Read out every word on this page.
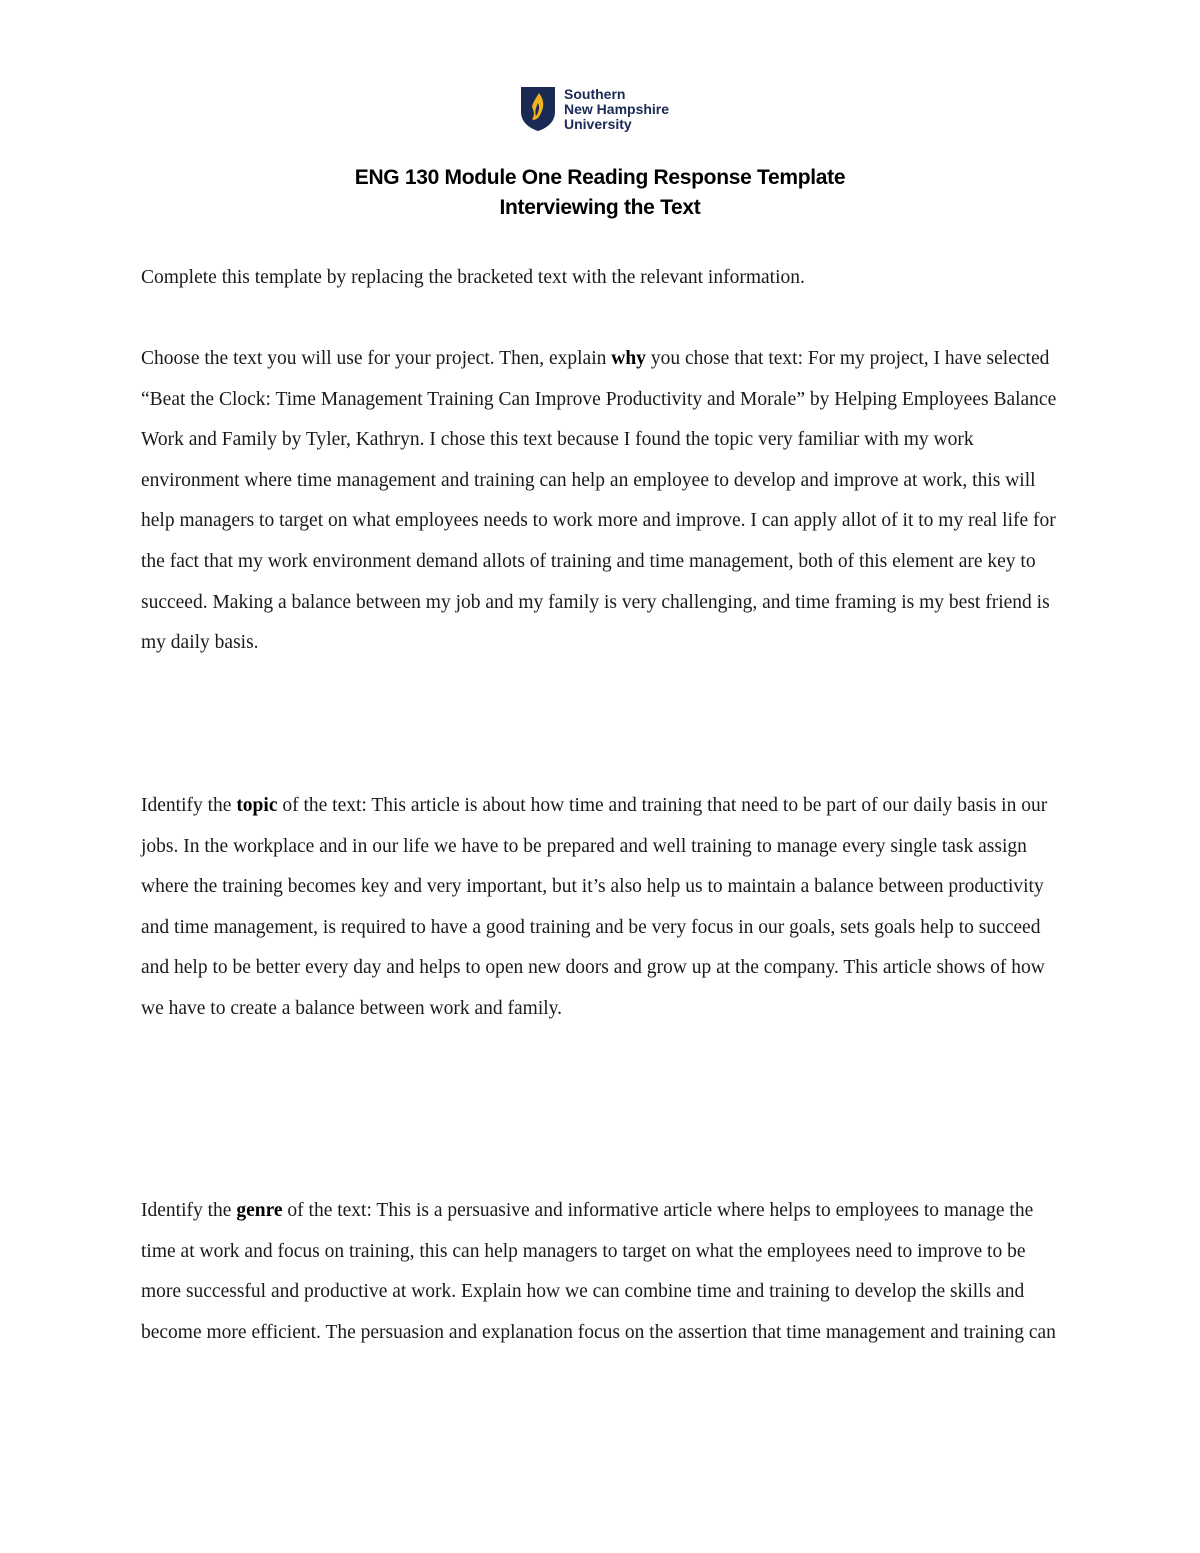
Southern
New Hampshire
University
ENG 130 Module One Reading Response Template
Interviewing the Text

Complete this template by replacing the bracketed text with the relevant information.

Choose the text you will use for your project. Then, explain why you chose that text: For my project, I have selected “Beat the Clock: Time Management Training Can Improve Productivity and Morale” by Helping Employees Balance Work and Family by Tyler, Kathryn. I chose this text because I found the topic very familiar with my work environment where time management and training can help an employee to develop and improve at work, this will help managers to target on what employees needs to work more and improve. I can apply allot of it to my real life for the fact that my work environment demand allots of training and time management, both of this element are key to succeed. Making a balance between my job and my family is very challenging, and time framing is my best friend is my daily basis.

Identify the topic of the text: This article is about how time and training that need to be part of our daily basis in our jobs. In the workplace and in our life we have to be prepared and well training to manage every single task assign where the training becomes key and very important, but it’s also help us to maintain a balance between productivity and time management, is required to have a good training and be very focus in our goals, sets goals help to succeed and help to be better every day and helps to open new doors and grow up at the company. This article shows of how we have to create a balance between work and family.

Identify the genre of the text: This is a persuasive and informative article where helps to employees to manage the time at work and focus on training, this can help managers to target on what the employees need to improve to be more successful and productive at work. Explain how we can combine time and training to develop the skills and become more efficient. The persuasion and explanation focus on the assertion that time management and training can
